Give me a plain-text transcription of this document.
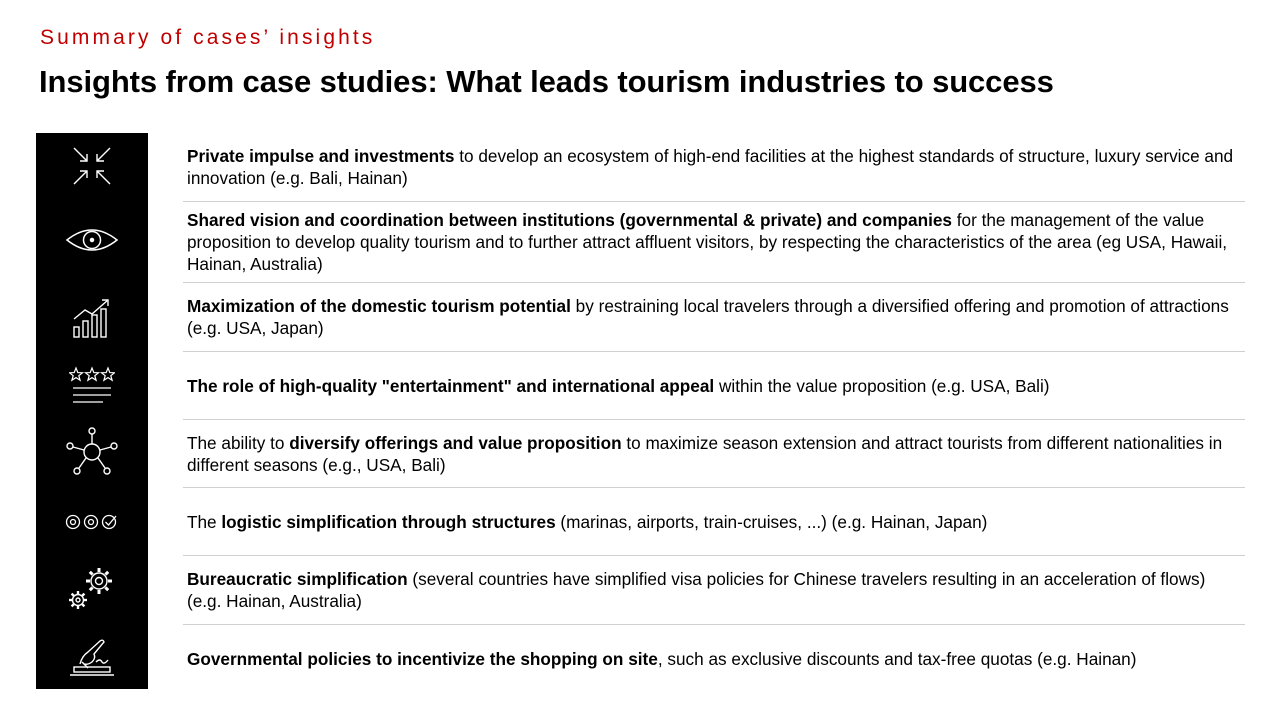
Summary of cases’ insights
Insights from case studies: What leads tourism industries to success
Private impulse and investments to develop an ecosystem of high-end facilities at the highest standards of structure, luxury service and innovation (e.g. Bali, Hainan)
Shared vision and coordination between institutions (governmental & private) and companies for the management of the value proposition to develop quality tourism and to further attract affluent visitors, by respecting the characteristics of the area (eg USA, Hawaii, Hainan, Australia)
Maximization of the domestic tourism potential by restraining local travelers through a diversified offering and promotion of attractions (e.g. USA, Japan)
The role of high-quality "entertainment" and international appeal within the value proposition (e.g. USA, Bali)
The ability to diversify offerings and value proposition to maximize season extension and attract tourists from different nationalities in different seasons (e.g., USA, Bali)
The logistic simplification through structures (marinas, airports, train-cruises, ...) (e.g. Hainan, Japan)
Bureaucratic simplification (several countries have simplified visa policies for Chinese travelers resulting in an acceleration of flows) (e.g. Hainan, Australia)
Governmental policies to incentivize the shopping on site, such as exclusive discounts and tax-free quotas (e.g. Hainan)
